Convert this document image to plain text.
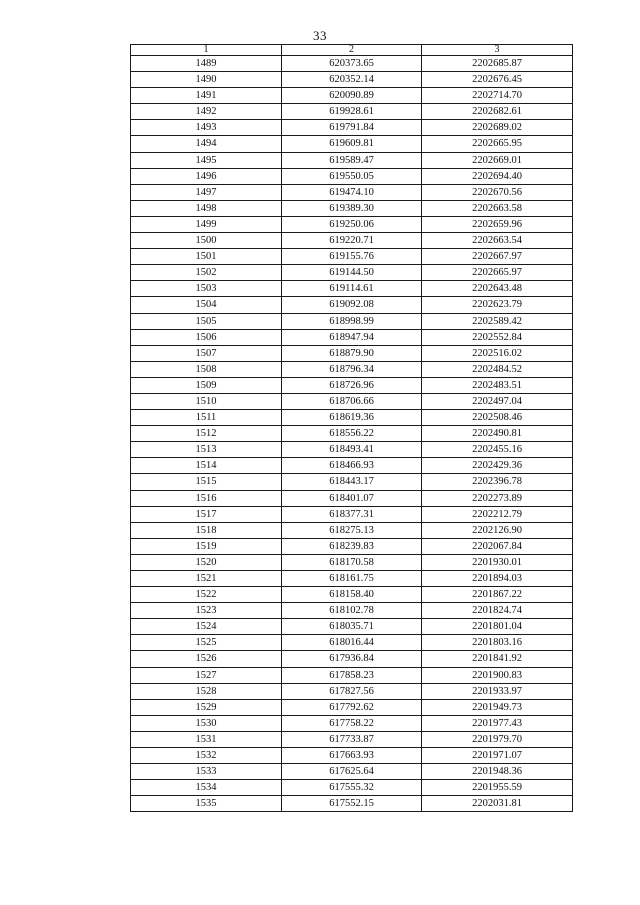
33
1	2	3
1489	620373.65	2202685.87
1490	620352.14	2202676.45
1491	620090.89	2202714.70
1492	619928.61	2202682.61
1493	619791.84	2202689.02
1494	619609.81	2202665.95
1495	619589.47	2202669.01
1496	619550.05	2202694.40
1497	619474.10	2202670.56
1498	619389.30	2202663.58
1499	619250.06	2202659.96
1500	619220.71	2202663.54
1501	619155.76	2202667.97
1502	619144.50	2202665.97
1503	619114.61	2202643.48
1504	619092.08	2202623.79
1505	618998.99	2202589.42
1506	618947.94	2202552.84
1507	618879.90	2202516.02
1508	618796.34	2202484.52
1509	618726.96	2202483.51
1510	618706.66	2202497.04
1511	618619.36	2202508.46
1512	618556.22	2202490.81
1513	618493.41	2202455.16
1514	618466.93	2202429.36
1515	618443.17	2202396.78
1516	618401.07	2202273.89
1517	618377.31	2202212.79
1518	618275.13	2202126.90
1519	618239.83	2202067.84
1520	618170.58	2201930.01
1521	618161.75	2201894.03
1522	618158.40	2201867.22
1523	618102.78	2201824.74
1524	618035.71	2201801.04
1525	618016.44	2201803.16
1526	617936.84	2201841.92
1527	617858.23	2201900.83
1528	617827.56	2201933.97
1529	617792.62	2201949.73
1530	617758.22	2201977.43
1531	617733.87	2201979.70
1532	617663.93	2201971.07
1533	617625.64	2201948.36
1534	617555.32	2201955.59
1535	617552.15	2202031.81
